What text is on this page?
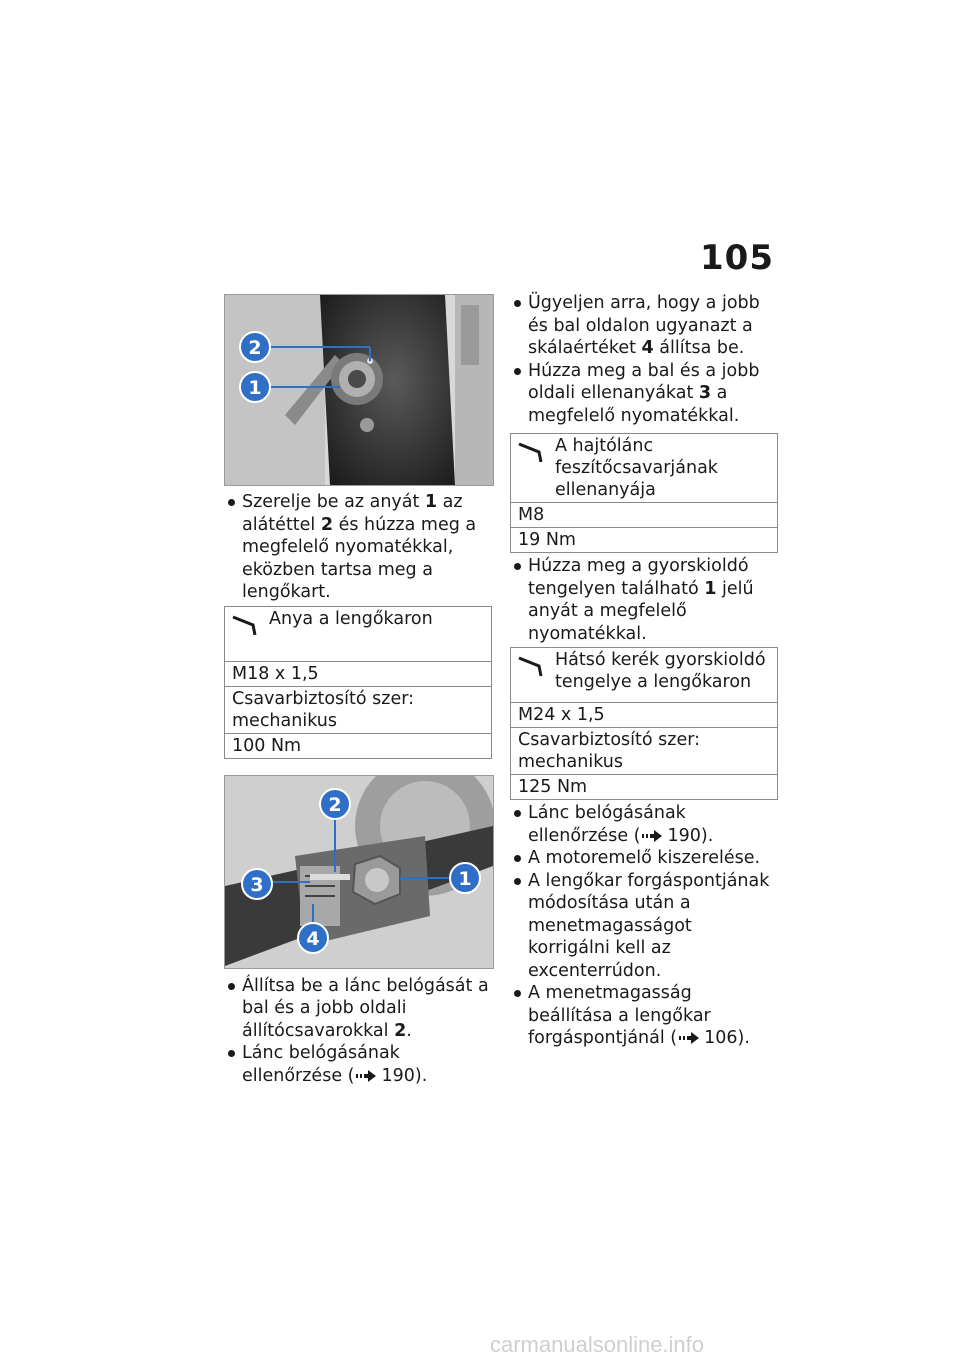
105
2
1
Szerelje be az anyát 1 az alátéttel 2 és húzza meg a megfelelő nyomatékkal, eközben tartsa meg a lengőkart.
Anya a lengőkaron
M18 x 1,5
Csavarbiztosító szer: mechanikus
100 Nm
2
3	1
4
Állítsa be a lánc belógását a bal és a jobb oldali állítócsavarokkal 2.
Lánc belógásának ellenőrzése ( 190).
Ügyeljen arra, hogy a jobb és bal oldalon ugyanazt a skálaértéket 4 állítsa be.
Húzza meg a bal és a jobb oldali ellenanyákat 3 a megfelelő nyomatékkal.
A hajtólánc feszítőcsavarjának ellenanyája
M8
19 Nm
Húzza meg a gyorskioldó tengelyen található 1 jelű anyát a megfelelő nyomatékkal.
Hátsó kerék gyorskioldó tengelye a lengőkaron
M24 x 1,5
Csavarbiztosító szer: mechanikus
125 Nm
Lánc belógásának ellenőrzése ( 190).
A motoremelő kiszerelése.
A lengőkar forgáspontjának módosítása után a menetmagasságot korrigálni kell az excenterrúdon.
A menetmagasság beállítása a lengőkar forgáspontjánál ( 106).
carmanualsonline.info
